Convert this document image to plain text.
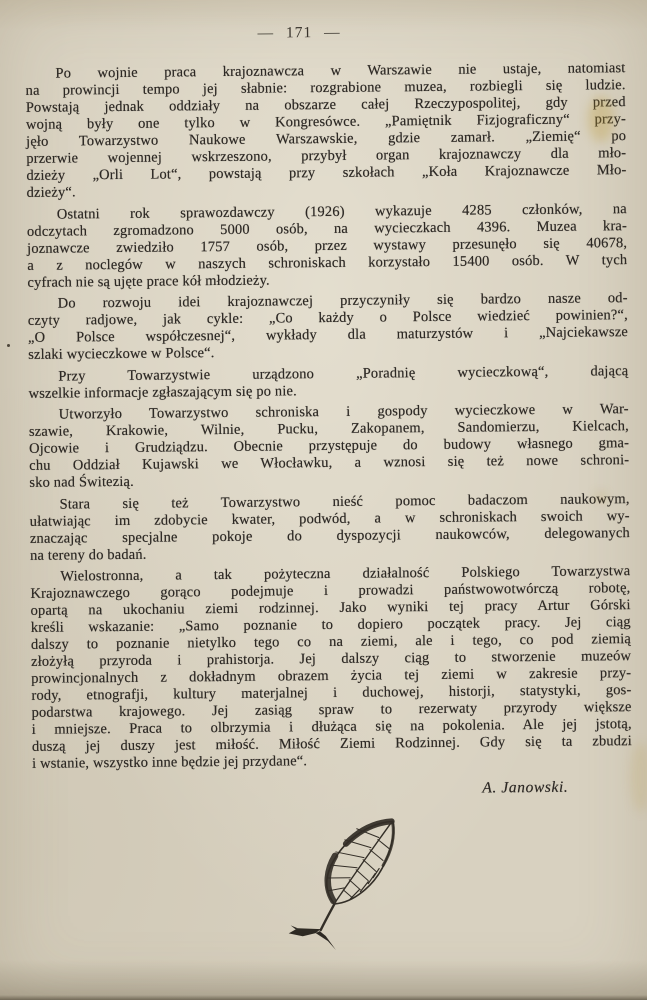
— 171 —
Po wojnie praca krajoznawcza w Warszawie nie ustaje, natomiast
na prowincji tempo jej słabnie: rozgrabione muzea, rozbiegli się ludzie.
Powstają jednak oddziały na obszarze całej Rzeczypospolitej, gdy przed
wojną były one tylko w Kongresówce. „Pamiętnik Fizjograficzny“ przy-
jęło Towarzystwo Naukowe Warszawskie, gdzie zamarł. „Ziemię“ po
przerwie wojennej wskrzeszono, przybył organ krajoznawczy dla mło-
dzieży „Orli Lot“, powstają przy szkołach „Koła Krajoznawcze Mło-
dzieży“.
Ostatni rok sprawozdawczy (1926) wykazuje 4285 członków, na
odczytach zgromadzono 5000 osób, na wycieczkach 4396. Muzea kra-
joznawcze zwiedziło 1757 osób, przez wystawy przesunęło się 40678,
a z noclegów w naszych schroniskach korzystało 15400 osób. W tych
cyfrach nie są ujęte prace kół młodzieży.
Do rozwoju idei krajoznawczej przyczyniły się bardzo nasze od-
czyty radjowe, jak cykle: „Co każdy o Polsce wiedzieć powinien?“,
„O Polsce współczesnej“, wykłady dla maturzystów i „Najciekawsze
szlaki wycieczkowe w Polsce“.
Przy Towarzystwie urządzono „Poradnię wycieczkową“, dającą
wszelkie informacje zgłaszającym się po nie.
Utworzyło Towarzystwo schroniska i gospody wycieczkowe w War-
szawie, Krakowie, Wilnie, Pucku, Zakopanem, Sandomierzu, Kielcach,
Ojcowie i Grudziądzu. Obecnie przystępuje do budowy własnego gma-
chu Oddział Kujawski we Włocławku, a wznosi się też nowe schroni-
sko nad Świtezią.
Stara się też Towarzystwo nieść pomoc badaczom naukowym,
ułatwiając im zdobycie kwater, podwód, a w schroniskach swoich wy-
znaczając specjalne pokoje do dyspozycji naukowców, delegowanych
na tereny do badań.
Wielostronna, a tak pożyteczna działalność Polskiego Towarzystwa
Krajoznawczego gorąco podejmuje i prowadzi państwowotwórczą robotę,
opartą na ukochaniu ziemi rodzinnej. Jako wyniki tej pracy Artur Górski
kreśli wskazanie: „Samo poznanie to dopiero początek pracy. Jej ciąg
dalszy to poznanie nietylko tego co na ziemi, ale i tego, co pod ziemią
złożyłą przyroda i prahistorja. Jej dalszy ciąg to stworzenie muzeów
prowincjonalnych z dokładnym obrazem życia tej ziemi w zakresie przy-
rody, etnografji, kultury materjalnej i duchowej, historji, statystyki, gos-
podarstwa krajowego. Jej zasiąg spraw to rezerwaty przyrody większe
i mniejsze. Praca to olbrzymia i dłużąca się na pokolenia. Ale jej jstotą,
duszą jej duszy jest miłość. Miłość Ziemi Rodzinnej. Gdy się ta zbudzi
i wstanie, wszystko inne będzie jej przydane“.
A. Janowski.
